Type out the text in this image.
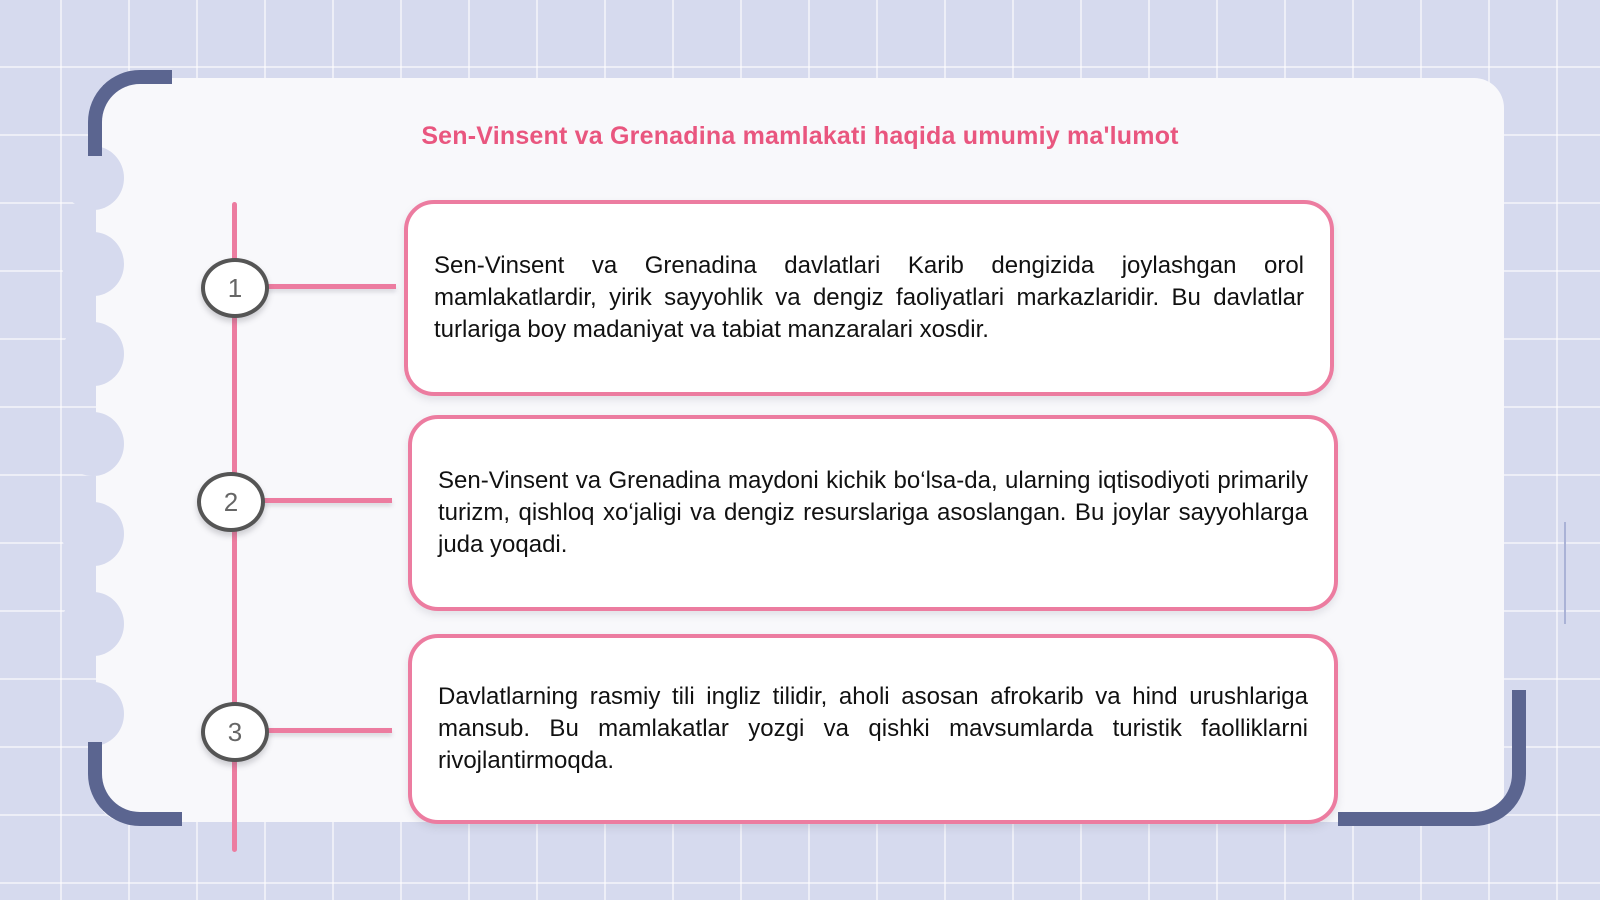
Sen-Vinsent va Grenadina mamlakati haqida umumiy ma'lumot
1

Sen-Vinsent va Grenadina davlatlari Karib dengizida joylashgan orol mamlakatlardir, yirik sayyohlik va dengiz faoliyatlari markazlaridir. Bu davlatlar turlariga boy madaniyat va tabiat manzaralari xosdir.

2

Sen-Vinsent va Grenadina maydoni kichik bo‘lsa-da, ularning iqtisodiyoti primarily turizm, qishloq xo‘jaligi va dengiz resurslariga asoslangan. Bu joylar sayyohlarga juda yoqadi.

3

Davlatlarning rasmiy tili ingliz tilidir, aholi asosan afrokarib va hind urushlariga mansub. Bu mamlakatlar yozgi va qishki mavsumlarda turistik faolliklarni rivojlantirmoqda.
